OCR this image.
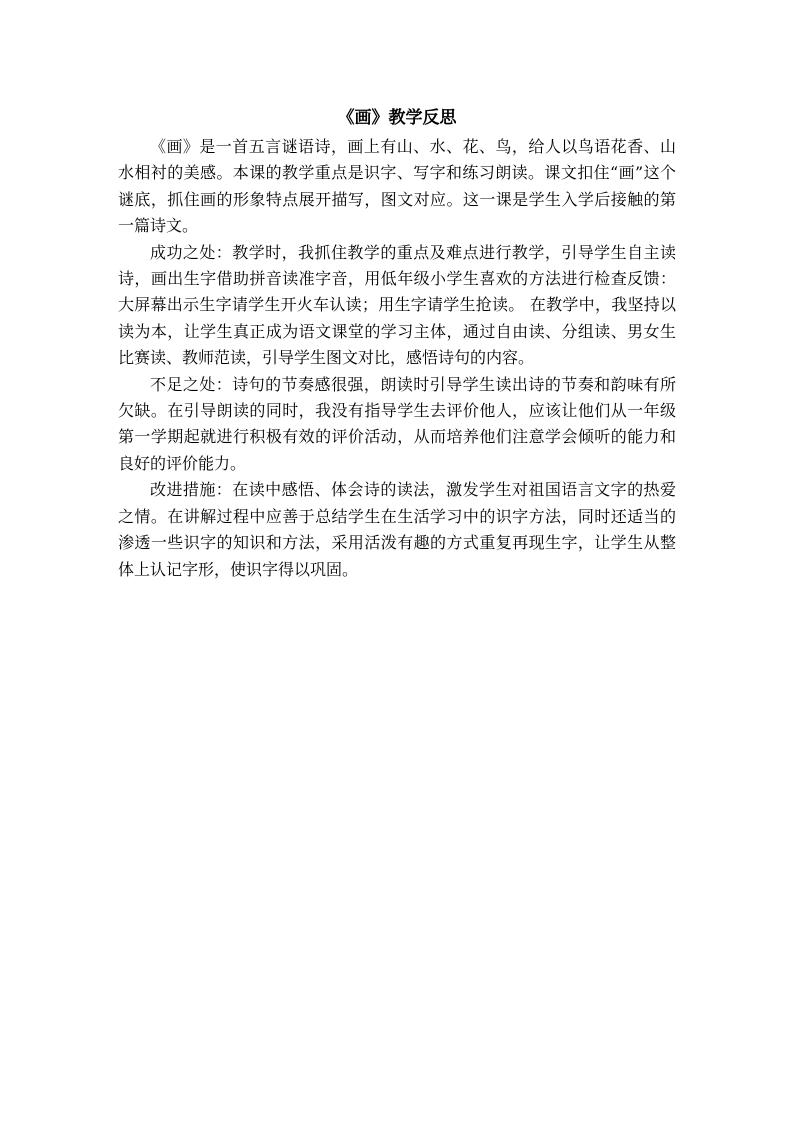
《画》教学反思

《画》是一首五言谜语诗，画上有山、水、花、鸟，给人以鸟语花香、山水相衬的美感。本课的教学重点是识字、写字和练习朗读。课文扣住“画”这个谜底，抓住画的形象特点展开描写，图文对应。这一课是学生入学后接触的第一篇诗文。

成功之处：教学时，我抓住教学的重点及难点进行教学，引导学生自主读诗，画出生字借助拼音读准字音，用低年级小学生喜欢的方法进行检查反馈：大屏幕出示生字请学生开火车认读；用生字请学生抢读。 在教学中，我坚持以读为本，让学生真正成为语文课堂的学习主体，通过自由读、分组读、男女生比赛读、教师范读，引导学生图文对比，感悟诗句的内容。

不足之处：诗句的节奏感很强，朗读时引导学生读出诗的节奏和韵味有所欠缺。在引导朗读的同时，我没有指导学生去评价他人，应该让他们从一年级第一学期起就进行积极有效的评价活动，从而培养他们注意学会倾听的能力和良好的评价能力。

改进措施：在读中感悟、体会诗的读法，激发学生对祖国语言文字的热爱之情。在讲解过程中应善于总结学生在生活学习中的识字方法，同时还适当的渗透一些识字的知识和方法，采用活泼有趣的方式重复再现生字，让学生从整体上认记字形，使识字得以巩固。
